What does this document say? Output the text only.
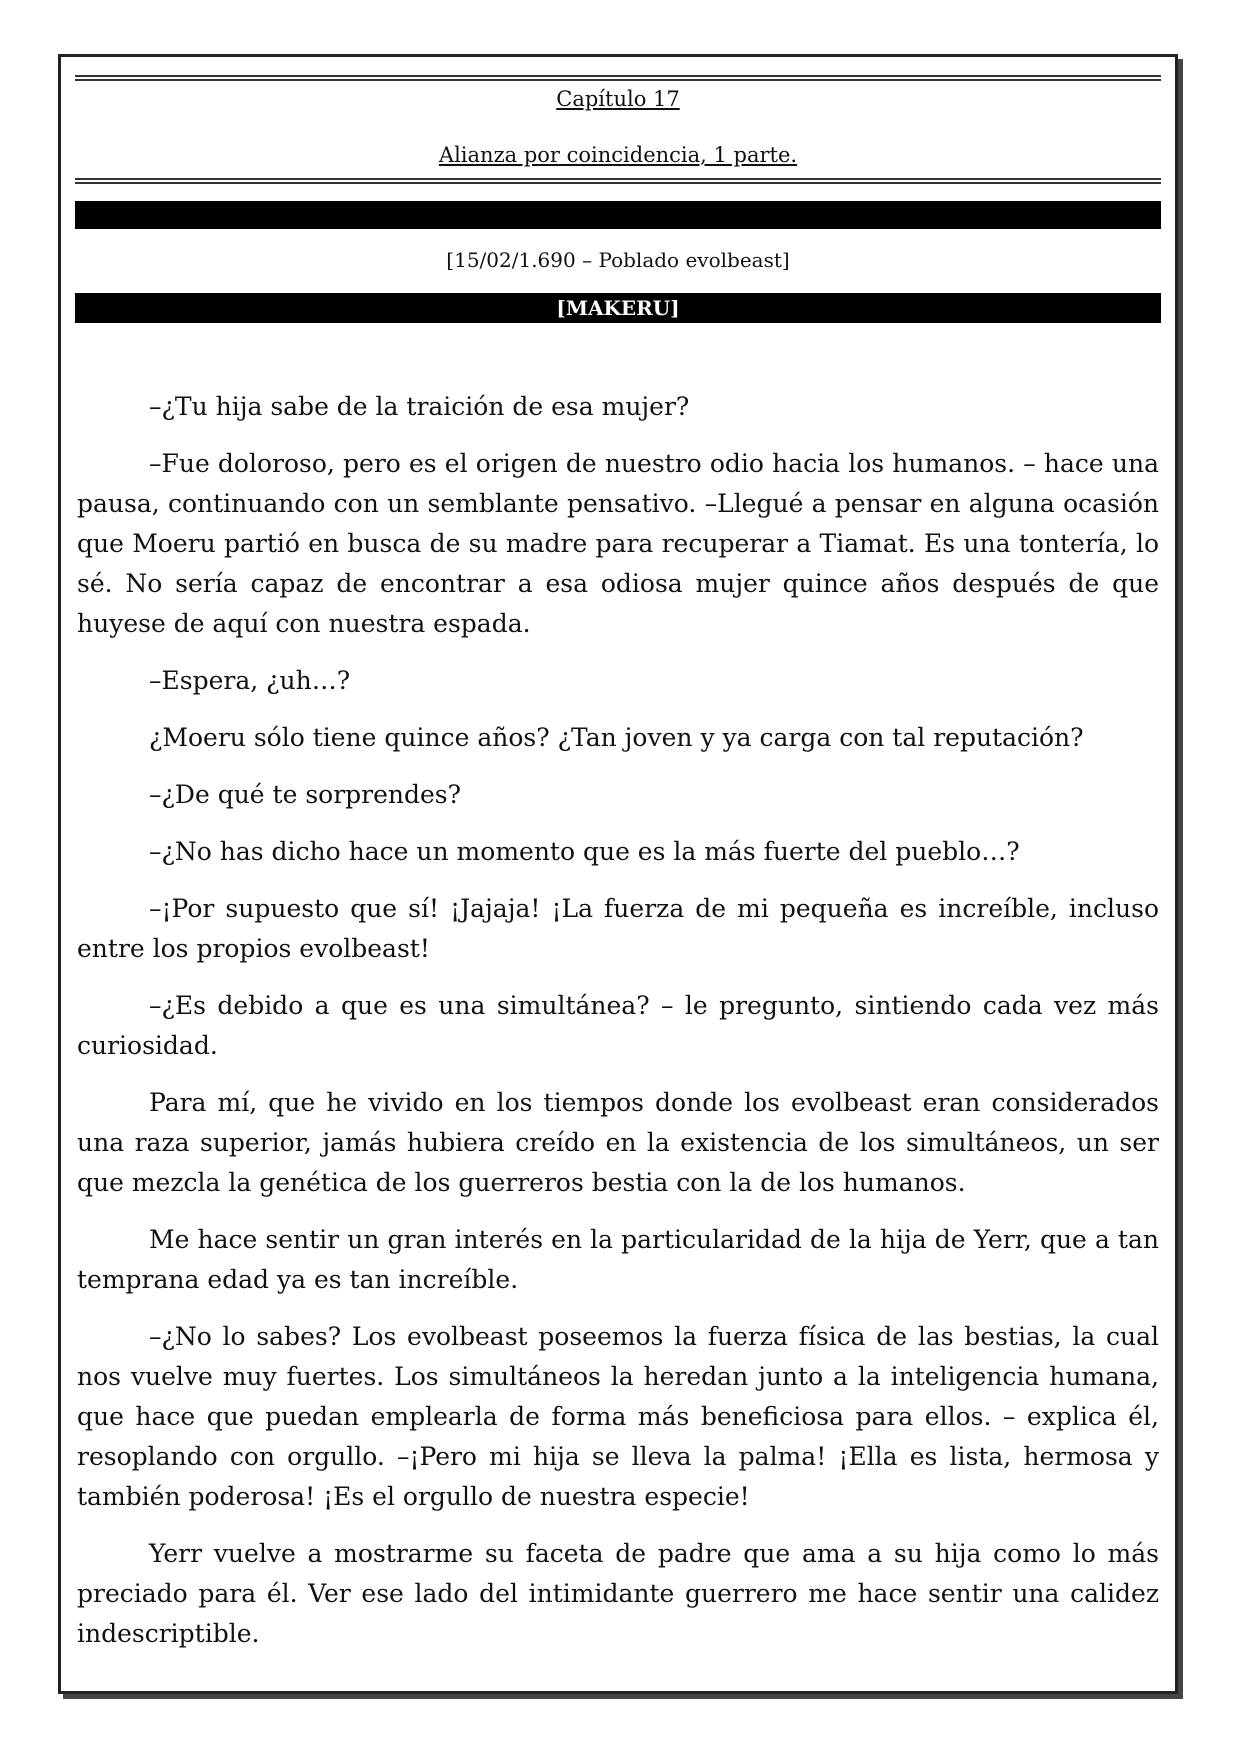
Capítulo 17
Alianza por coincidencia, 1 parte.
[15/02/1.690 – Poblado evolbeast]
[MAKERU]

–¿Tu hija sabe de la traición de esa mujer?

–Fue doloroso, pero es el origen de nuestro odio hacia los humanos. – hace una pausa, continuando con un semblante pensativo. –Llegué a pensar en alguna ocasión que Moeru partió en busca de su madre para recuperar a Tiamat. Es una tontería, lo sé. No sería capaz de encontrar a esa odiosa mujer quince años después de que huyese de aquí con nuestra espada.

–Espera, ¿uh…?

¿Moeru sólo tiene quince años? ¿Tan joven y ya carga con tal reputación?

–¿De qué te sorprendes?

–¿No has dicho hace un momento que es la más fuerte del pueblo…?

–¡Por supuesto que sí! ¡Jajaja! ¡La fuerza de mi pequeña es increíble, incluso entre los propios evolbeast!

–¿Es debido a que es una simultánea? – le pregunto, sintiendo cada vez más curiosidad.

Para mí, que he vivido en los tiempos donde los evolbeast eran considerados una raza superior, jamás hubiera creído en la existencia de los simultáneos, un ser que mezcla la genética de los guerreros bestia con la de los humanos.

Me hace sentir un gran interés en la particularidad de la hija de Yerr, que a tan temprana edad ya es tan increíble.

–¿No lo sabes? Los evolbeast poseemos la fuerza física de las bestias, la cual nos vuelve muy fuertes. Los simultáneos la heredan junto a la inteligencia humana, que hace que puedan emplearla de forma más beneficiosa para ellos. – explica él, resoplando con orgullo. –¡Pero mi hija se lleva la palma! ¡Ella es lista, hermosa y también poderosa! ¡Es el orgullo de nuestra especie!

Yerr vuelve a mostrarme su faceta de padre que ama a su hija como lo más preciado para él. Ver ese lado del intimidante guerrero me hace sentir una calidez indescriptible.
